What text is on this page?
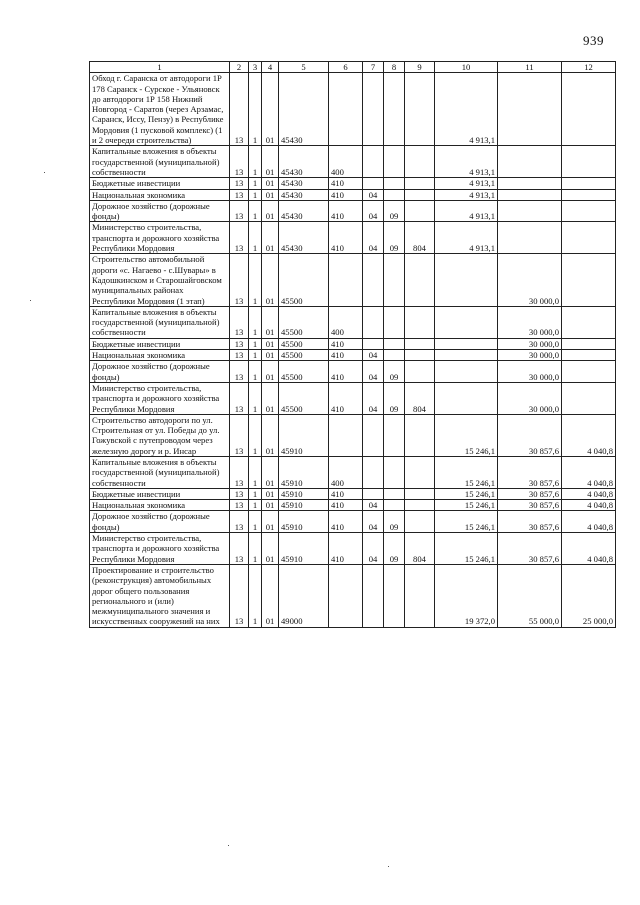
939
1	2	3	4	5	6	7	8	9	10	11	12
Обход г. Саранска от автодороги 1Р 178 Саранск - Сурское - Ульяновск до автодороги 1Р 158 Нижний Новгород - Саратов (через Арзамас, Саранск, Иссу, Пензу) в Республике Мордовия (1 пусковой комплекс) (1 и 2 очереди строительства)	13	1	01	45430					4 913,1		
Капитальные вложения в объекты государственной (муниципальной) собственности	13	1	01	45430	400				4 913,1		
Бюджетные инвестиции	13	1	01	45430	410				4 913,1		
Национальная экономика	13	1	01	45430	410	04			4 913,1		
Дорожное хозяйство (дорожные фонды)	13	1	01	45430	410	04	09		4 913,1		
Министерство строительства, транспорта и дорожного хозяйства Республики Мордовия	13	1	01	45430	410	04	09	804	4 913,1		
Строительство автомобильной дороги «с. Нагаево - с.Шувары» в Кадошкинском и Старошайговском муниципальных районах Республики Мордовия (1 этап)	13	1	01	45500						30 000,0	
Капитальные вложения в объекты государственной (муниципальной) собственности	13	1	01	45500	400					30 000,0	
Бюджетные инвестиции	13	1	01	45500	410					30 000,0	
Национальная экономика	13	1	01	45500	410	04				30 000,0	
Дорожное хозяйство (дорожные фонды)	13	1	01	45500	410	04	09			30 000,0	
Министерство строительства, транспорта и дорожного хозяйства Республики Мордовия	13	1	01	45500	410	04	09	804		30 000,0	
Строительство автодороги по ул. Строительная от ул. Победы до ул. Гожувской с путепроводом через железную дорогу и р. Инсар	13	1	01	45910					15 246,1	30 857,6	4 040,8
Капитальные вложения в объекты государственной (муниципальной) собственности	13	1	01	45910	400				15 246,1	30 857,6	4 040,8
Бюджетные инвестиции	13	1	01	45910	410				15 246,1	30 857,6	4 040,8
Национальная экономика	13	1	01	45910	410	04			15 246,1	30 857,6	4 040,8
Дорожное хозяйство (дорожные фонды)	13	1	01	45910	410	04	09		15 246,1	30 857,6	4 040,8
Министерство строительства, транспорта и дорожного хозяйства Республики Мордовия	13	1	01	45910	410	04	09	804	15 246,1	30 857,6	4 040,8
Проектирование и строительство (реконструкция) автомобильных дорог общего пользования регионального и (или) межмуниципального значения и искусственных сооружений на них	13	1	01	49000					19 372,0	55 000,0	25 000,0
